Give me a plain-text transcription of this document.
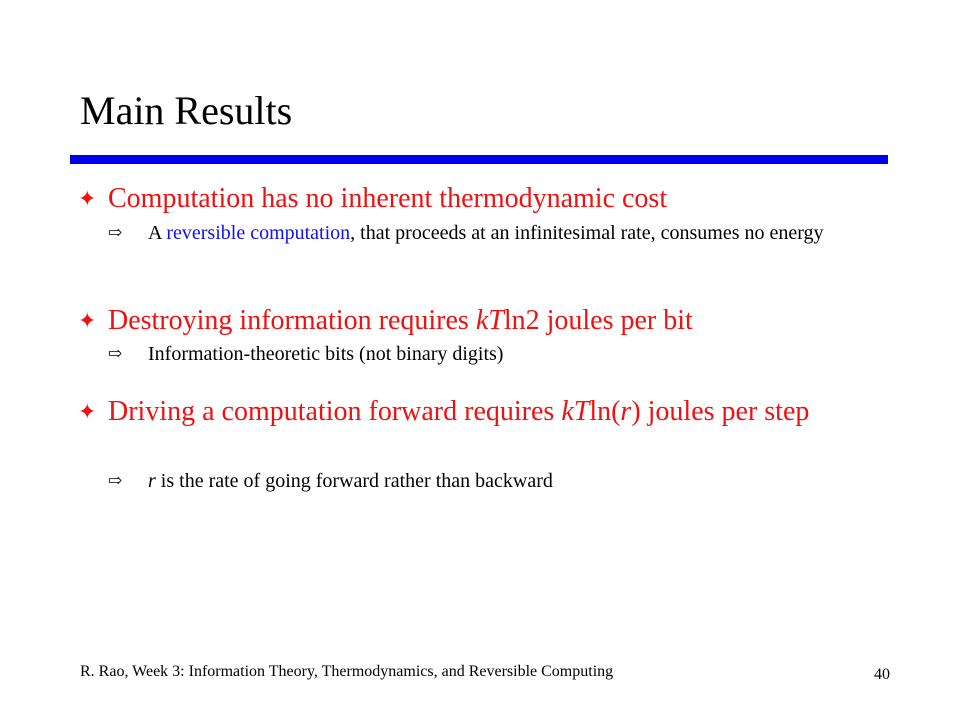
Main Results
✦ Computation has no inherent thermodynamic cost
⇨ A reversible computation, that proceeds at an infinitesimal rate, consumes no energy
✦ Destroying information requires kTln2 joules per bit
⇨ Information-theoretic bits (not binary digits)
✦ Driving a computation forward requires kTln(r) joules per step
⇨ r is the rate of going forward rather than backward
R. Rao, Week 3: Information Theory, Thermodynamics, and Reversible Computing	40
